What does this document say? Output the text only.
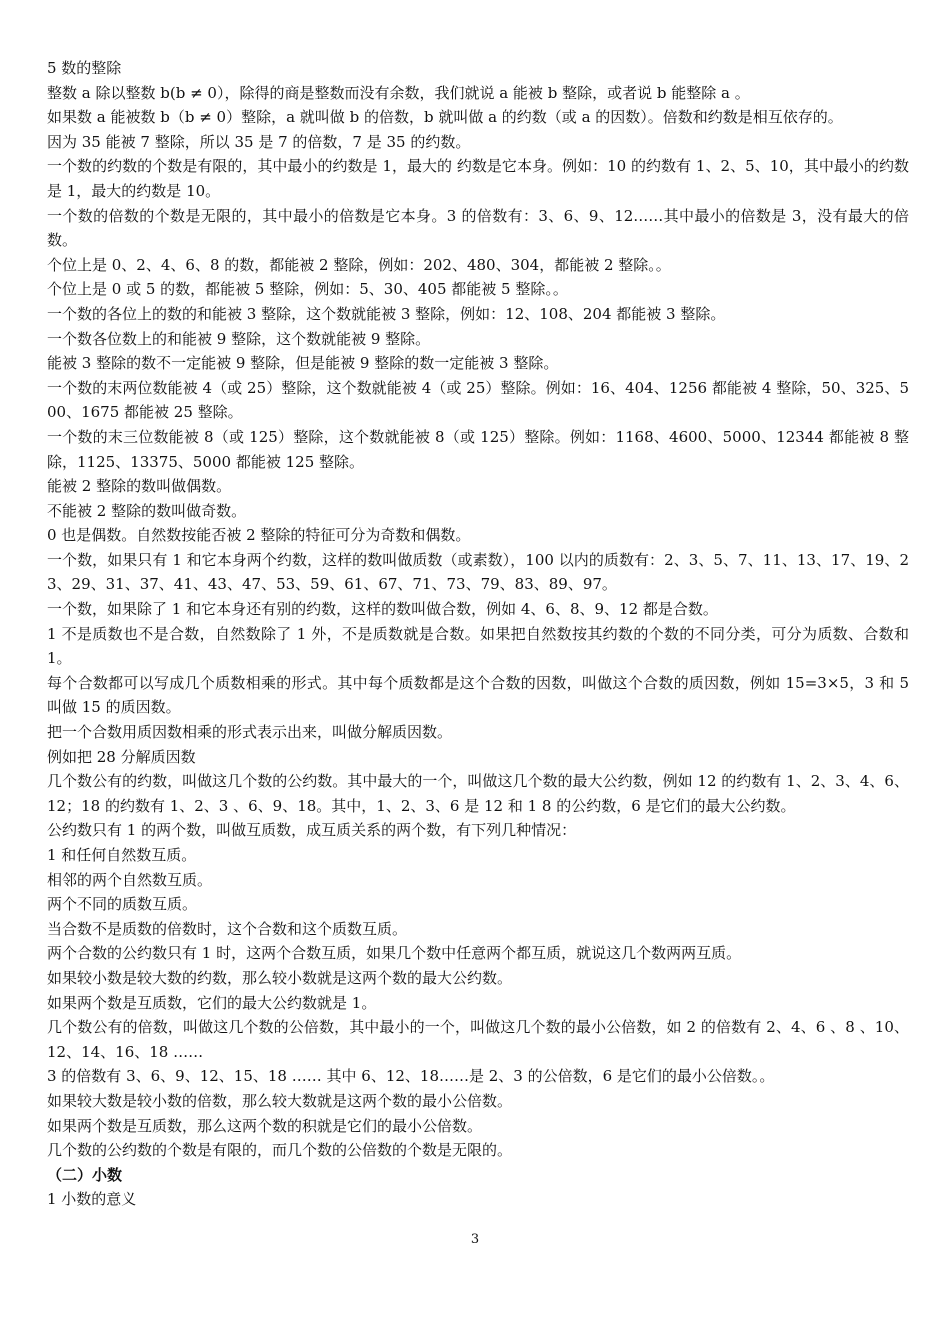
5 数的整除

整数 a 除以整数 b(b ≠ 0），除得的商是整数而没有余数，我们就说 a 能被 b 整除，或者说 b 能整除 a 。

如果数 a 能被数 b（b ≠ 0）整除，a 就叫做 b 的倍数，b 就叫做 a 的约数（或 a 的因数）。倍数和约数是相互依存的。

因为 35 能被 7 整除，所以 35 是 7 的倍数，7 是 35 的约数。

一个数的约数的个数是有限的，其中最小的约数是 1，最大的 约数是它本身。例如：10 的约数有 1、2、5、10，其中最小的约数是 1，最大的约数是 10。

一个数的倍数的个数是无限的，其中最小的倍数是它本身。3 的倍数有：3、6、9、12……其中最小的倍数是 3，没有最大的倍数。

个位上是 0、2、4、6、8 的数，都能被 2 整除，例如：202、480、304，都能被 2 整除。。

个位上是 0 或 5 的数，都能被 5 整除，例如：5、30、405 都能被 5 整除。。

一个数的各位上的数的和能被 3 整除，这个数就能被 3 整除，例如：12、108、204 都能被 3 整除。

一个数各位数上的和能被 9 整除，这个数就能被 9 整除。

能被 3 整除的数不一定能被 9 整除，但是能被 9 整除的数一定能被 3 整除。

一个数的末两位数能被 4（或 25）整除，这个数就能被 4（或 25）整除。例如：16、404、1256 都能被 4 整除，50、325、500、1675 都能被 25 整除。

一个数的末三位数能被 8（或 125）整除，这个数就能被 8（或 125）整除。例如：1168、4600、5000、12344 都能被 8 整除，1125、13375、5000 都能被 125 整除。

能被 2 整除的数叫做偶数。

不能被 2 整除的数叫做奇数。

0 也是偶数。自然数按能否被 2 整除的特征可分为奇数和偶数。

一个数，如果只有 1 和它本身两个约数，这样的数叫做质数（或素数），100 以内的质数有：2、3、5、7、11、13、17、19、23、29、31、37、41、43、47、53、59、61、67、71、73、79、83、89、97。

一个数，如果除了 1 和它本身还有别的约数，这样的数叫做合数，例如 4、6、8、9、12 都是合数。

1 不是质数也不是合数，自然数除了 1 外，不是质数就是合数。如果把自然数按其约数的个数的不同分类，可分为质数、合数和 1。

每个合数都可以写成几个质数相乘的形式。其中每个质数都是这个合数的因数，叫做这个合数的质因数，例如 15=3×5，3 和 5 叫做 15 的质因数。

把一个合数用质因数相乘的形式表示出来，叫做分解质因数。

例如把 28 分解质因数

几个数公有的约数，叫做这几个数的公约数。其中最大的一个，叫做这几个数的最大公约数，例如 12 的约数有 1、2、3、4、6、12；18 的约数有 1、2、3 、6、9、18。其中，1、2、3、6 是 12 和 1 8 的公约数，6 是它们的最大公约数。

公约数只有 1 的两个数，叫做互质数，成互质关系的两个数，有下列几种情况：

1 和任何自然数互质。

相邻的两个自然数互质。

两个不同的质数互质。

当合数不是质数的倍数时，这个合数和这个质数互质。

两个合数的公约数只有 1 时，这两个合数互质，如果几个数中任意两个都互质，就说这几个数两两互质。

如果较小数是较大数的约数，那么较小数就是这两个数的最大公约数。

如果两个数是互质数，它们的最大公约数就是 1。

几个数公有的倍数，叫做这几个数的公倍数，其中最小的一个，叫做这几个数的最小公倍数，如 2 的倍数有 2、4、6 、8 、10、12、14、16、18 ……

3 的倍数有 3、6、9、12、15、18 …… 其中 6、12、18……是 2、3 的公倍数，6 是它们的最小公倍数。。

如果较大数是较小数的倍数，那么较大数就是这两个数的最小公倍数。

如果两个数是互质数，那么这两个数的积就是它们的最小公倍数。

几个数的公约数的个数是有限的，而几个数的公倍数的个数是无限的。

（二）小数

1 小数的意义

3
